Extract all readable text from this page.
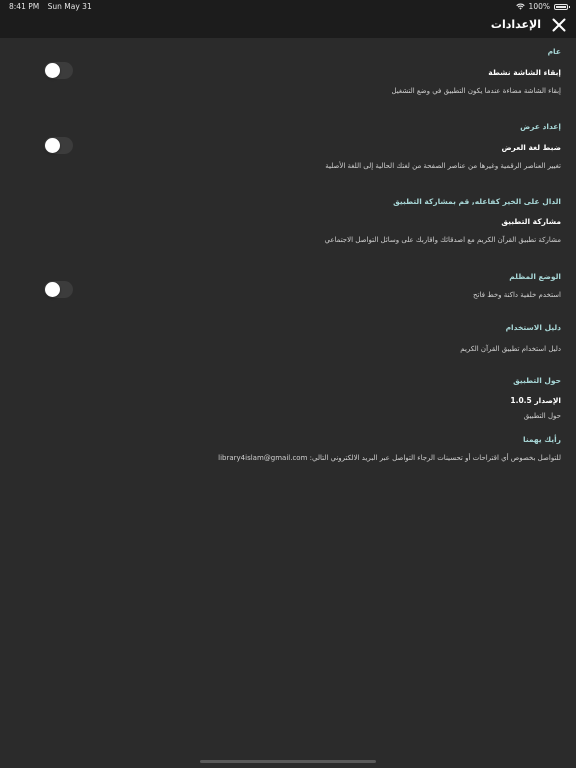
8:41 PM Sun May 31	100%
الإعدادات
عام
إبقاء الشاشة نشطة
إبقاء الشاشة مضاءة عندما يكون التطبيق في وضع التشغيل
إعداد عرض
ضبط لغة العرض
تغيير العناصر الرقمية وغيرها من عناصر الصفحة من لغتك الحالية إلى اللغة الأصلية
الدال على الخير كفاعله, قم بمشاركة التطبيق
مشاركة التطبيق
مشاركة تطبيق القرآن الكريم مع اصدقائك واقاربك على وسائل التواصل الاجتماعي
الوضع المظلم
استخدم خلفية داكنة وخط فاتح
دليل الاستخدام
دليل استخدام تطبيق القرآن الكريم
حول التطبيق
الإصدار 1.0.5
حول التطبيق
رأيك يهمنا
للتواصل بخصوص أي اقتراحات أو تحسينات الرجاء التواصل عبر البريد الالكتروني التالي: library4islam@gmail.com
